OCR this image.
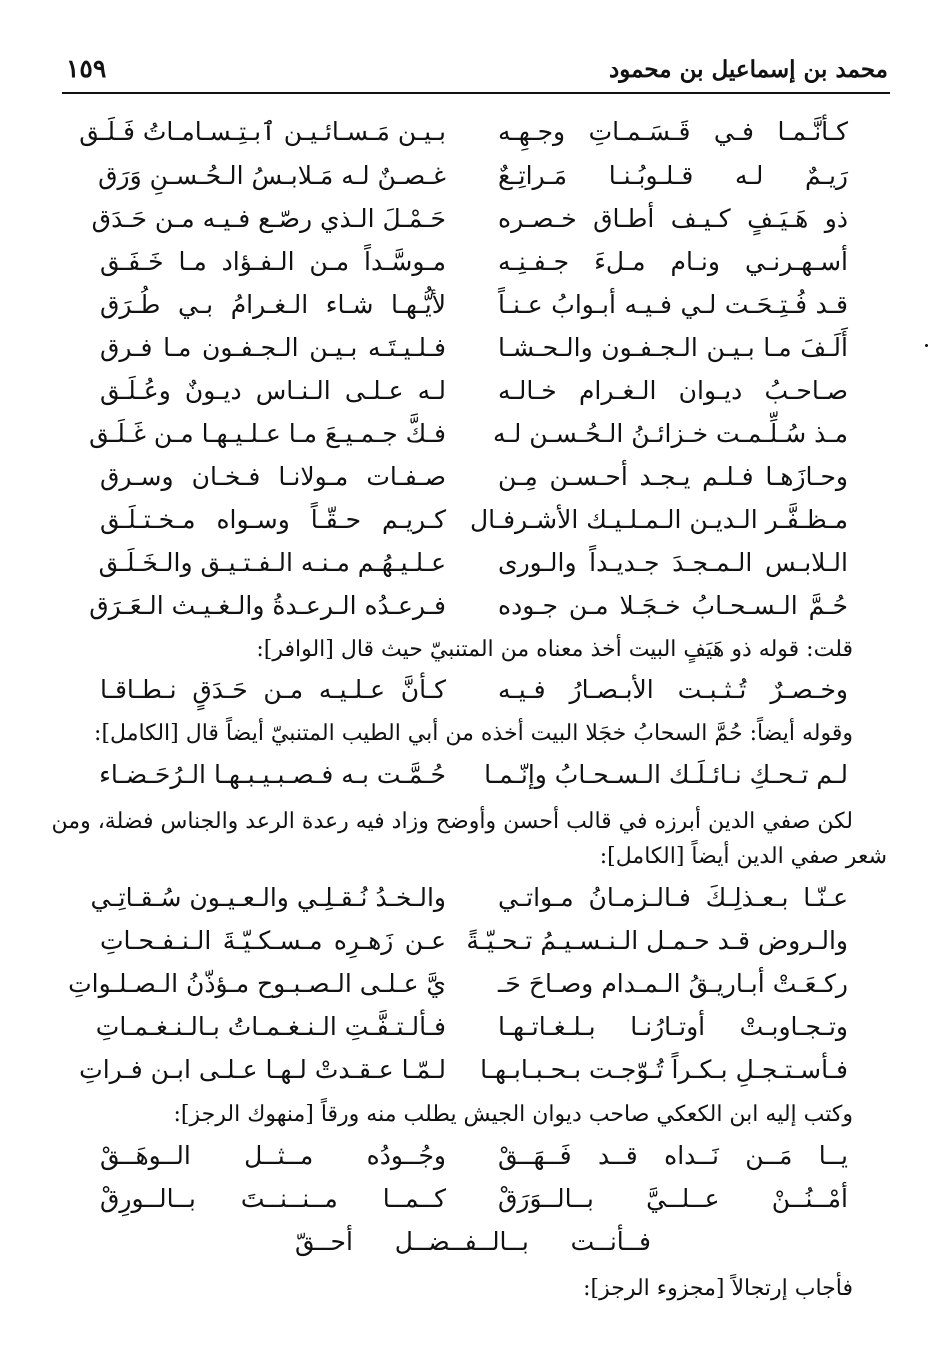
محمد بن إسماعيل بن محمود
١٥٩
كـأنَّـمـا فـي قَـسَـمـاتِ وجـهِـه
بـيـن مَـسـائـيـن ٱبـتِـسـامـاتُ فَـلَـق
رَيـمٌ لـه قـلـوبُـنـا مَـراتِـعٌ
غـصـنٌ لـه مَـلابـسُ الـحُـسـنِ وَرَق
ذو هَـيَـفٍ كـيـف أطـاق خـصـره
حَـمْـلَ الـذي رصّـع فـيـه مـن حَـدَق
أسـهـرنـي ونـام مـلءَ جـفـنِـه
مـوسَّـداً مـن الـفـؤاد مـا خَـفَـق
قـد فُـتِـحَـت لـي فـيـه أبـوابُ عـنـاً
لأيُّـهـا شـاء الـغـرامُ بـي طُـرَق
أَلَـفَ مـا بـيـن الـجـفـون والـحـشـا
فـلـيـتَـه بـيـن الـجـفـون مـا فـرق
صـاحـبُ ديـوان الـغـرام خـالـه
لـه عـلـى الـنـاس ديـونٌ وعُـلَـق
مـذ سُـلِّـمـت خـزائـنُ الـحُـسـن لـه
فـكَّ جـمـيـعَ مـا عـلـيـهـا مـن غَـلَـق
وحـازَهـا فـلـم يـجـد أحـسـن مِـن
صـفـات مـولانـا فـخـان وسـرق
مـظـفَّـر الـديـن الـمـلـيـك الأشـرفـال
كـريـم حـقّـاً وسـواه مـخـتـلَـق
الـلابـس الـمـجـدَ جـديـداً والـورى
عـلـيـهُـم مـنـه الـفـتـيـق والـخَـلَـق
حُـمَّ الـسـحـابُ خـجَـلا مـن جـوده
فـرعـدُه الـرعـدةُ والـغـيـث الـعَـرَق
قلت: قوله ذو هَيَفٍ البيت أخذ معناه من المتنبيّ حيث قال [الوافر]:
وخـصـرٌ تُـثـبـت الأبـصـارُ فـيـه
كـأنَّ عـلـيـه مـن حَـدَقٍ نـطـاقـا
وقوله أيضاً: حُمَّ السحابُ خجَلا البيت أخذه من أبي الطيب المتنبيّ أيضاً قال [الكامل]:
لـم تـحـكِ نـائـلَـك الـسـحـابُ وإنّـمـا
حُـمَّـت بـه فـصـبـيـبـهـا الـرُحَـضـاء
لكن صفي الدين أبرزه في قالب أحسن وأوضح وزاد فيه رعدة الرعد والجناس فضلة، ومن
شعر صفي الدين أيضاً [الكامل]:
عـنّـا بـعـذلِـكَ فـالـزمـانُ مـواتـي
والـخـدُ نُـقـلِـي والـعـيـون سُـقـاتِـي
والـروض قـد حـمـل الـنـسـيـمُ تـحـيّـةً
عـن زَهـرِه مـسـكـيّـةَ الـنـفـحـاتِ
ركـعَـتْ أبـاريـقُ الـمـدام وصـاحَ حَـ
يَّ عـلـى الـصـبـوح مـؤذّنُ الـصـلـواتِ
وتـجـاوبـتْ أوتـارُنـا بـلـغـاتـهـا
فـألـتـفَّـتِ الـنـغـمـاتُ بـالـنـغـمـاتِ
فـأسـتـجـلِ بـكـراً تُـوّجـت بـحـبـابـهـا
لـمّـا عـقـدتْ لـهـا عـلـى ابـن فـراتِ
وكتب إليه ابن الكعكي صاحب ديوان الجيش يطلب منه ورقاً [منهوك الرجز]:
يــا مَــن نَــداه قــد فَــهَــقْ
وجُــودُه مــثــل الــوهَــقْ
أمْــنُــنْ عــلــيَّ بــالــوَرَقْ
كــمــا مــنــنــتَ بــالــورِقْ
فــأنــت بــالــفــضــل أحــقّ
فأجاب إرتجالاً [مجزوء الرجز]:
